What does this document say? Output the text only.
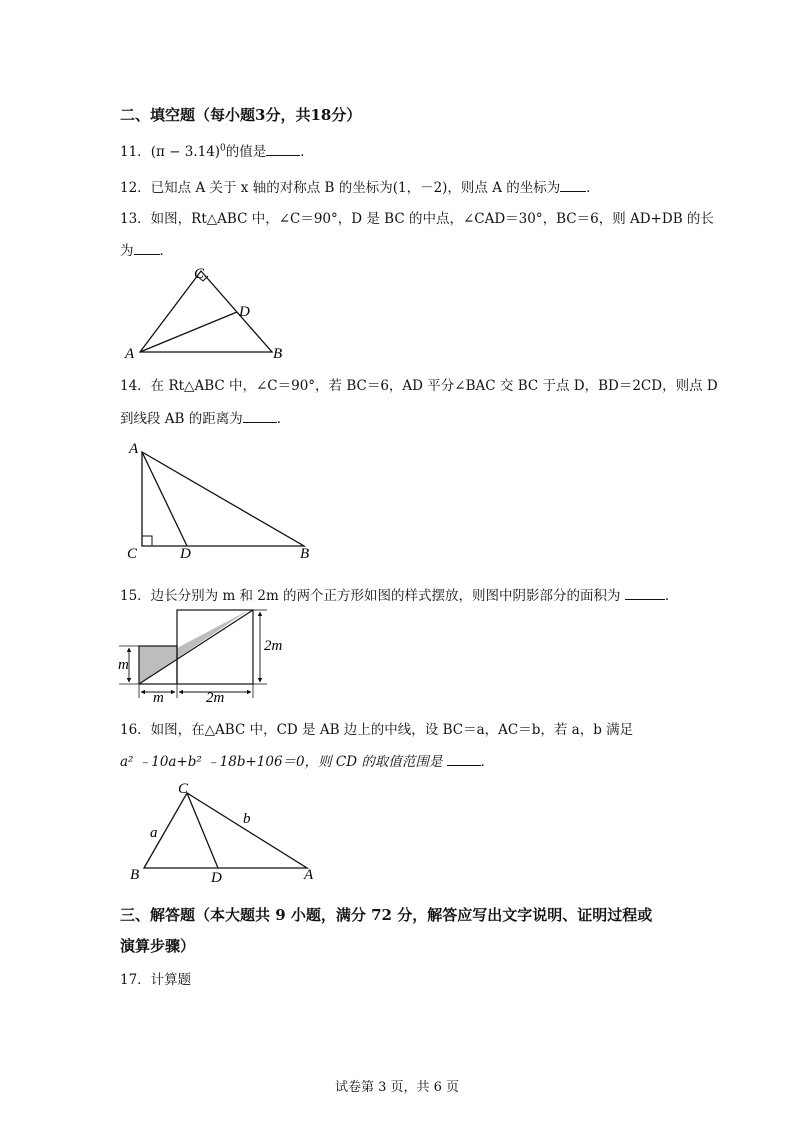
二、填空题（每小题3分，共18分）
11．$(\pi - 3.14)^0$的值是	．
12．已知点 A 关于 x 轴的对称点 B 的坐标为(1，－2)，则点 A 的坐标为 ．
13．如图，Rt△ABC 中，∠C＝90°，D 是 BC 的中点，∠CAD＝30°，BC＝6，则 AD+DB 的长
为 ．
C
D
A	B
14．在 Rt△ABC 中，∠C＝90°，若 BC＝6，AD 平分∠BAC 交 BC 于点 D，BD＝2CD，则点 D
到线段 AB 的距离为	．
A
C	D	B
15．边长分别为 m 和 2m 的两个正方形如图的样式摆放，则图中阴影部分的面积为	．
m
m	2m
2m
16．如图，在△ABC 中，CD 是 AB 边上的中线，设 BC＝a，AC＝b，若 a，b 满足
a² ﹣10a+b² ﹣18b+106＝0，则 CD 的取值范围是	．
C
a
b
B	D	A
三、解答题（本大题共 9 小题，满分 72 分，解答应写出文字说明、证明过程或
演算步骤）
17．计算题
试卷第 3 页，共 6 页
